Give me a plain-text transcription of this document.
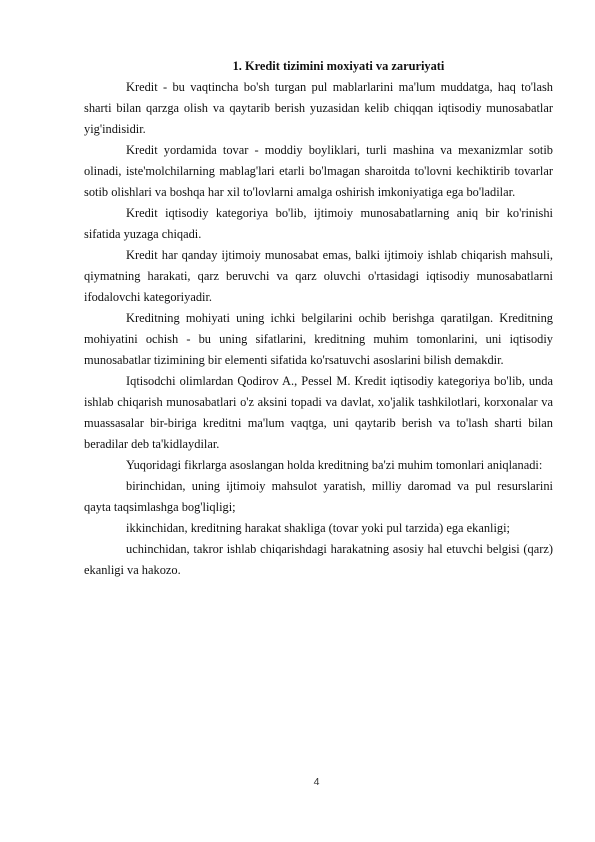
1. Kredit tizimini moxiyati va zaruriyati

Kredit - bu vaqtincha bo'sh turgan pul mablarlarini ma'lum muddatga, haq to'lash sharti bilan qarzga olish va qaytarib berish yuzasidan kelib chiqqan iqtisodiy munosabatlar yig'indisidir.

Kredit yordamida tovar - moddiy boyliklari, turli mashina va mexanizmlar sotib olinadi, iste'molchilarning mablag'lari etarli bo'lmagan sharoitda to'lovni kechiktirib tovarlar sotib olishlari va boshqa har xil to'lovlarni amalga oshirish imkoniyatiga ega bo'ladilar.

Kredit iqtisodiy kategoriya bo'lib, ijtimoiy munosabatlarning aniq bir ko'rinishi sifatida yuzaga chiqadi.

Kredit har qanday ijtimoiy munosabat emas, balki ijtimoiy ishlab chiqarish mahsuli, qiymatning harakati, qarz beruvchi va qarz oluvchi o'rtasidagi iqtisodiy munosabatlarni ifodalovchi kategoriyadir.

Kreditning mohiyati uning ichki belgilarini ochib berishga qaratilgan. Kreditning mohiyatini ochish - bu uning sifatlarini, kreditning muhim tomonlarini, uni iqtisodiy munosabatlar tizimining bir elementi sifatida ko'rsatuvchi asoslarini bilish demakdir.

Iqtisodchi olimlardan Qodirov A., Pessel M. Kredit iqtisodiy kategoriya bo'lib, unda ishlab chiqarish munosabatlari o'z aksini topadi va davlat, xo'jalik tashkilotlari, korxonalar va muassasalar bir-biriga kreditni ma'lum vaqtga, uni qaytarib berish va to'lash sharti bilan beradilar deb ta'kidlaydilar.

Yuqoridagi fikrlarga asoslangan holda kreditning ba'zi muhim tomonlari aniqlanadi:

birinchidan, uning ijtimoiy mahsulot yaratish, milliy daromad va pul resurslarini qayta taqsimlashga bog'liqligi;

ikkinchidan, kreditning harakat shakliga (tovar yoki pul tarzida) ega ekanligi;

uchinchidan, takror ishlab chiqarishdagi harakatning asosiy hal etuvchi belgisi (qarz) ekanligi va hakozo.

4
